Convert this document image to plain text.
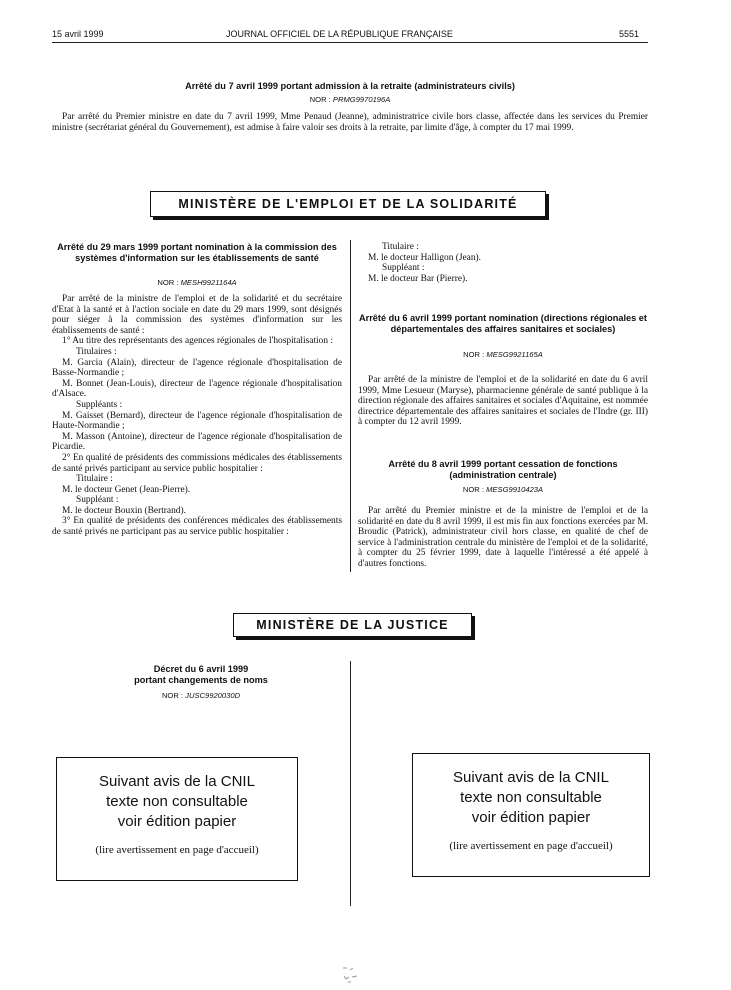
15 avril 1999	JOURNAL OFFICIEL DE LA RÉPUBLIQUE FRANÇAISE	5551
Arrêté du 7 avril 1999 portant admission à la retraite (administrateurs civils)
NOR : PRMG9970196A

Par arrêté du Premier ministre en date du 7 avril 1999, Mme Penaud (Jeanne), administratrice civile hors classe, affectée dans les services du Premier ministre (secrétariat général du Gouvernement), est admise à faire valoir ses droits à la retraite, par limite d'âge, à compter du 17 mai 1999.

MINISTÈRE DE L'EMPLOI ET DE LA SOLIDARITÉ
Arrêté du 29 mars 1999 portant nomination à la commission des systèmes d'information sur les établissements de santé
NOR : MESH9921164A

Par arrêté de la ministre de l'emploi et de la solidarité et du secrétaire d'Etat à la santé et à l'action sociale en date du 29 mars 1999, sont désignés pour siéger à la commission des systèmes d'information sur les établissements de santé :

1° Au titre des représentants des agences régionales de l'hospitalisation :

Titulaires :

M. Garcia (Alain), directeur de l'agence régionale d'hospitalisation de Basse-Normandie ;

M. Bonnet (Jean-Louis), directeur de l'agence régionale d'hospitalisation d'Alsace.

Suppléants :

M. Gaisset (Bernard), directeur de l'agence régionale d'hospitalisation de Haute-Normandie ;

M. Masson (Antoine), directeur de l'agence régionale d'hospitalisation de Picardie.

2° En qualité de présidents des commissions médicales des établissements de santé privés participant au service public hospitalier :

Titulaire :

M. le docteur Genet (Jean-Pierre).

Suppléant :

M. le docteur Bouxin (Bertrand).

3° En qualité de présidents des conférences médicales des établissements de santé privés ne participant pas au service public hospitalier :

Titulaire :

M. le docteur Halligon (Jean).

Suppléant :

M. le docteur Bar (Pierre).

Arrêté du 6 avril 1999 portant nomination (directions régionales et départementales des affaires sanitaires et sociales)
NOR : MESG9921165A

Par arrêté de la ministre de l'emploi et de la solidarité en date du 6 avril 1999, Mme Lesueur (Maryse), pharmacienne générale de santé publique à la direction régionale des affaires sanitaires et sociales d'Aquitaine, est nommée directrice départementale des affaires sanitaires et sociales de l'Indre (gr. III) à compter du 12 avril 1999.

Arrêté du 8 avril 1999 portant cessation de fonctions (administration centrale)
NOR : MESG9910423A

Par arrêté du Premier ministre et de la ministre de l'emploi et de la solidarité en date du 8 avril 1999, il est mis fin aux fonctions exercées par M. Broudic (Patrick), administrateur civil hors classe, en qualité de chef de service à l'administration centrale du ministère de l'emploi et de la solidarité, à compter du 25 février 1999, date à laquelle l'intéressé a été appelé à d'autres fonctions.

MINISTÈRE DE LA JUSTICE
Décret du 6 avril 1999
portant changements de noms
NOR : JUSC9920030D
Suivant avis de la CNIL
texte non consultable
voir édition papier
(lire avertissement en page d'accueil)
Suivant avis de la CNIL
texte non consultable
voir édition papier
(lire avertissement en page d'accueil)
